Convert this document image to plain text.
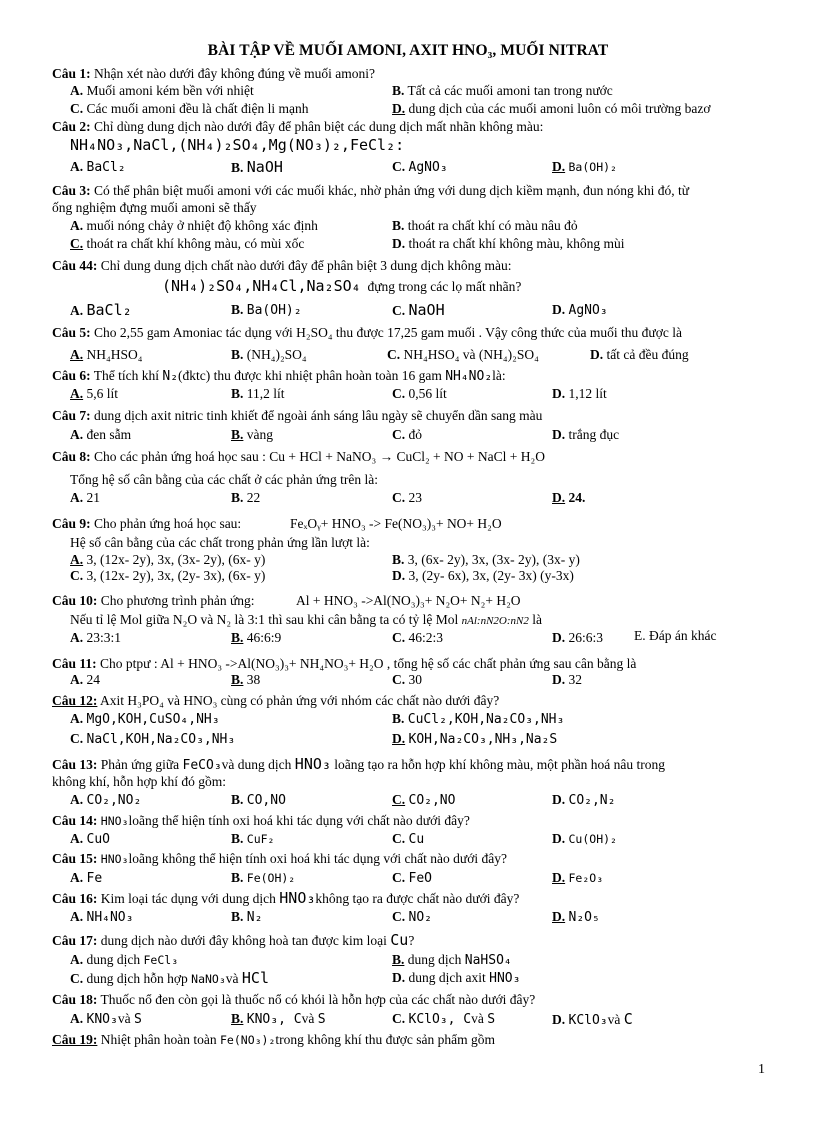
BÀI TẬP VỀ MUỐI AMONI, AXIT HNO₃, MUỐI NITRAT
Câu 1: Nhận xét nào dưới đây không đúng về muối amoni?
A. Muối amoni kém bền với nhiệt	B. Tất cả các muối amoni tan trong nước
C. Các muối amoni đều là chất điện li mạnh	D. dung dịch của các muối amoni luôn có môi trường bazơ
Câu 2: Chỉ dùng dung dịch nào dưới đây để phân biệt các dung dịch mất nhãn không màu:
NH₄NO₃,NaCl,(NH₄)₂SO₄,Mg(NO₃)₂,FeCl₂:
A. BaCl₂	B. NaOH	C. AgNO₃	D. Ba(OH)₂
Câu 3: Có thể phân biệt muối amoni với các muối khác, nhờ phản ứng với dung dịch kiềm mạnh, đun nóng khi đó, từ
ống nghiệm đựng muối amoni sẽ thấy
A. muối nóng chảy ở nhiệt độ không xác định	B. thoát ra chất khí có màu nâu đỏ
C. thoát ra chất khí không màu, có mùi xốc	D. thoát ra chất khí không màu, không mùi
Câu 44: Chỉ dung dung dịch chất nào dưới đây để phân biệt 3 dung dịch không màu:
(NH₄)₂SO₄,NH₄Cl,Na₂SO₄ đựng trong các lọ mất nhãn?
A. BaCl₂	B. Ba(OH)₂	C. NaOH	D. AgNO₃
Câu 5: Cho 2,55 gam Amoniac tác dụng với H₂SO₄ thu được 17,25 gam muối . Vậy công thức của muối thu được là
A. NH₄HSO₄	B. (NH₄)₂SO₄	C. NH₄HSO₄ và (NH₄)₂SO₄	D. tất cả đều đúng
Câu 6: Thể tích khí N₂(đktc) thu được khi nhiệt phân hoàn toàn 16 gam NH₄NO₂là:
A. 5,6 lít	B. 11,2 lít	C. 0,56 lít	D. 1,12 lít
Câu 7: dung dịch axit nitric tinh khiết để ngoài ánh sáng lâu ngày sẽ chuyển dần sang màu
A. đen sẫm	B. vàng	C. đỏ	D. trắng đục
Câu 8: Cho các phản ứng hoá học sau : Cu + HCl + NaNO₃ → CuCl₂ + NO + NaCl + H₂O
Tổng hệ số cân bằng của các chất ở các phản ứng trên là:
A. 21	B. 22	C. 23	D. 24.
Câu 9: Cho phản ứng hoá học sau:	FeₓOᵧ+ HNO₃ -> Fe(NO₃)₃+ NO+ H₂O
Hệ số cân bằng của các chất trong phản ứng lần lượt là:
A. 3, (12x- 2y), 3x, (3x- 2y), (6x- y)	B. 3, (6x- 2y), 3x, (3x- 2y), (3x- y)
C. 3, (12x- 2y), 3x, (2y- 3x), (6x- y)	D. 3, (2y- 6x), 3x, (2y- 3x) (y-3x)
Câu 10: Cho phương trình phản ứng:	Al + HNO₃ ->Al(NO₃)₃+ N₂O+ N₂+ H₂O
Nếu tỉ lệ Mol giữa N₂O và N₂ là 3:1 thì sau khi cân bằng ta có tỷ lệ Mol nAl:nN2O:nN2 là
A. 23:3:1	B. 46:6:9	C. 46:2:3	D. 26:6:3 E. Đáp án khác
Câu 11: Cho ptpư : Al + HNO₃ ->Al(NO₃)₃+ NH₄NO₃+ H₂O , tổng hệ số các chất phản ứng sau cân bằng là
A. 24	B. 38	C. 30	D. 32
Câu 12: Axit H₃PO₄ và HNO₃ cùng có phản ứng với nhóm các chất nào dưới đây?
A. MgO,KOH,CuSO₄,NH₃	B. CuCl₂,KOH,Na₂CO₃,NH₃
C. NaCl,KOH,Na₂CO₃,NH₃	D. KOH,Na₂CO₃,NH₃,Na₂S
Câu 13: Phản ứng giữa FeCO₃và dung dịch HNO₃ loãng tạo ra hỗn hợp khí không màu, một phần hoá nâu trong
không khí, hỗn hợp khí đó gồm:
A. CO₂,NO₂	B. CO,NO	C. CO₂,NO	D. CO₂,N₂
Câu 14: HNO₃loãng thể hiện tính oxi hoá khi tác dụng với chất nào dưới đây?
A. CuO	B. CuF₂	C. Cu	D. Cu(OH)₂
Câu 15: HNO₃loãng không thể hiện tính oxi hoá khi tác dụng với chất nào dưới đây?
A. Fe	B. Fe(OH)₂	C. FeO	D. Fe₂O₃
Câu 16: Kim loại tác dụng với dung dịch HNO₃không tạo ra được chất nào dưới đây?
A. NH₄NO₃	B. N₂	C. NO₂	D. N₂O₅
Câu 17: dung dịch nào dưới đây không hoà tan được kim loại Cu?
A. dung dịch FeCl₃	B. dung dịch NaHSO₄
C. dung dịch hỗn hợp NaNO₃và HCl	D. dung dịch axit HNO₃
Câu 18: Thuốc nổ đen còn gọi là thuốc nổ có khói là hỗn hợp của các chất nào dưới đây?
A. KNO₃và S	B. KNO₃, Cvà S	C. KClO₃, Cvà S	D. KClO₃và C
Câu 19: Nhiệt phân hoàn toàn Fe(NO₃)₂trong không khí thu được sản phẩm gồm
1
